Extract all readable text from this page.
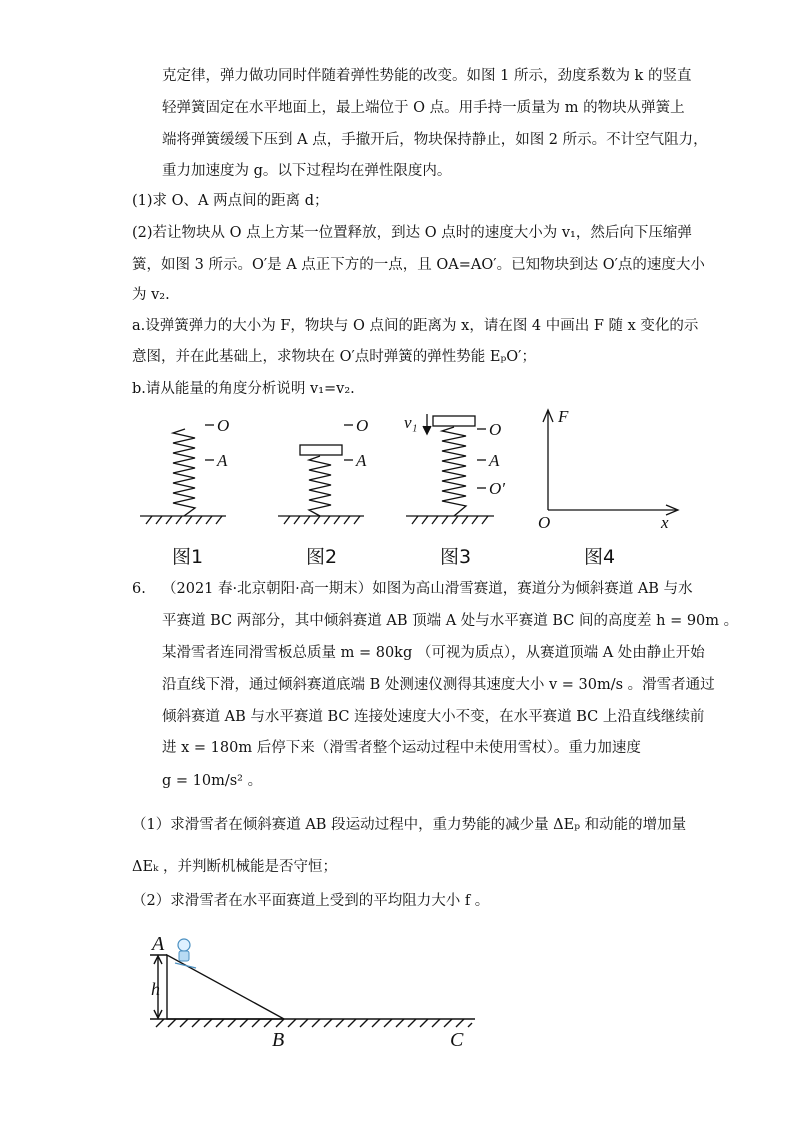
克定律，弹力做功同时伴随着弹性势能的改变。如图 1 所示，劲度系数为 k 的竖直
轻弹簧固定在水平地面上，最上端位于 O 点。用手持一质量为 m 的物块从弹簧上
端将弹簧缓缓下压到 A 点，手撤开后，物块保持静止，如图 2 所示。不计空气阻力，
重力加速度为 g。以下过程均在弹性限度内。
(1)求 O、A 两点间的距离 d；
(2)若让物块从 O 点上方某一位置释放，到达 O 点时的速度大小为 v₁，然后向下压缩弹
簧，如图 3 所示。O′是 A 点正下方的一点，且 OA=AO′。已知物块到达 O′点的速度大小
为 v₂.
a.设弹簧弹力的大小为 F，物块与 O 点间的距离为 x，请在图 4 中画出 F 随 x 变化的示
意图，并在此基础上，求物块在 O′点时弹簧的弹性势能 EₚO′；
b.请从能量的角度分析说明 v₁=v₂.
O
A
O
A
v₁	O
A
O′
F
O	x
图1	图2	图3	图4
6. （2021 春·北京朝阳·高一期末）如图为高山滑雪赛道，赛道分为倾斜赛道 AB 与水
平赛道 BC 两部分，其中倾斜赛道 AB 顶端 A 处与水平赛道 BC 间的高度差 h = 90m 。
某滑雪者连同滑雪板总质量 m = 80kg （可视为质点），从赛道顶端 A 处由静止开始
沿直线下滑，通过倾斜赛道底端 B 处测速仪测得其速度大小 v = 30m/s 。滑雪者通过
倾斜赛道 AB 与水平赛道 BC 连接处速度大小不变，在水平赛道 BC 上沿直线继续前
进 x = 180m 后停下来（滑雪者整个运动过程中未使用雪杖）。重力加速度
g = 10m/s² 。
（1）求滑雪者在倾斜赛道 AB 段运动过程中，重力势能的减少量 ΔEₚ 和动能的增加量
ΔEₖ ，并判断机械能是否守恒；
（2）求滑雪者在水平面赛道上受到的平均阻力大小 f 。
A
h
B	C
